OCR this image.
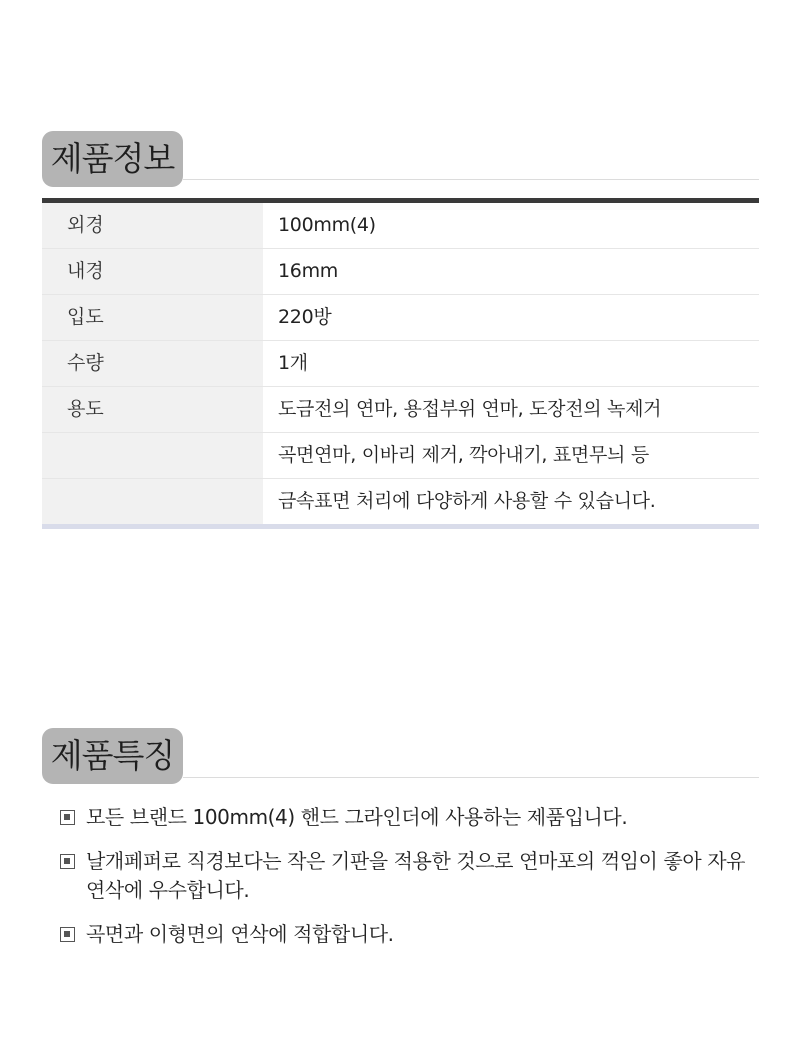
제품정보
외경	100mm(4)
내경	16mm
입도	220방
수량	1개
용도	도금전의 연마, 용접부위 연마, 도장전의 녹제거
곡면연마, 이바리 제거, 깍아내기, 표면무늬 등
금속표면 처리에 다양하게 사용할 수 있습니다.
제품특징
모든 브랜드 100mm(4) 핸드 그라인더에 사용하는 제품입니다.
날개페퍼로 직경보다는 작은 기판을 적용한 것으로 연마포의 꺽임이 좋아 자유연삭에 우수합니다.
곡면과 이형면의 연삭에 적합합니다.
